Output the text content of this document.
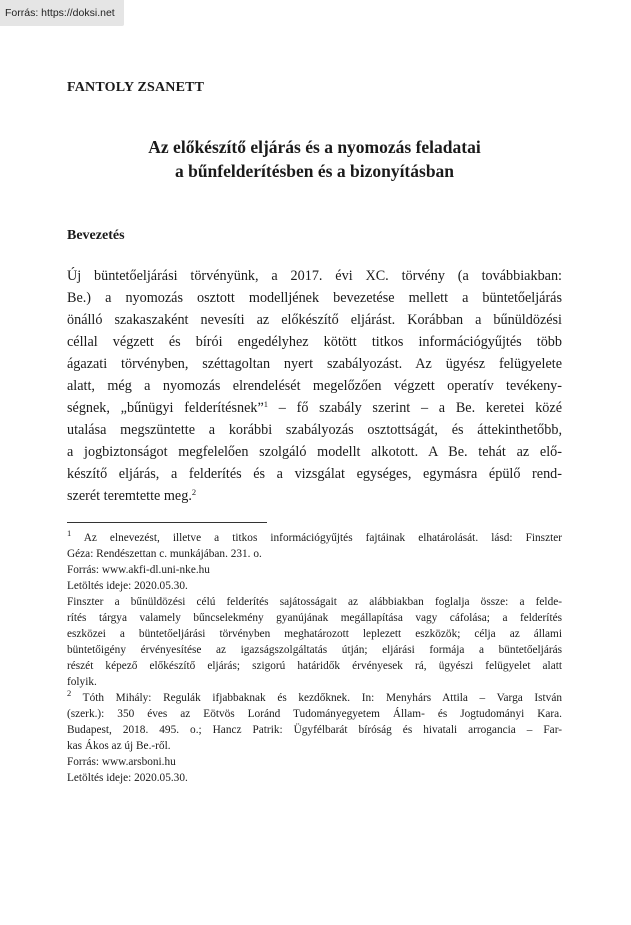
Forrás: https://doksi.net

FANTOLY ZSANETT

Az előkészítő eljárás és a nyomozás feladatai
a bűnfelderítésben és a bizonyításban
Bevezetés
Új büntetőeljárási törvényünk, a 2017. évi XC. törvény (a továbbiakban:
Be.) a nyomozás osztott modelljének bevezetése mellett a büntetőeljárás
önálló szakaszaként nevesíti az előkészítő eljárást. Korábban a bűnüldözési
céllal végzett és bírói engedélyhez kötött titkos információgyűjtés több
ágazati törvényben, széttagoltan nyert szabályozást. Az ügyész felügyelete
alatt, még a nyomozás elrendelését megelőzően végzett operatív tevékeny-
ségnek, „bűnügyi felderítésnek”$^1$ – fő szabály szerint – a Be. keretei közé
utalása megszüntette a korábbi szabályozás osztottságát, és áttekinthetőbb,
a jogbiztonságot megfelelően szolgáló modellt alkotott. A Be. tehát az elő-
készítő eljárás, a felderítés és a vizsgálat egységes, egymásra épülő rend-
szerét teremtette meg.$^2$
$^1$ Az elnevezést, illetve a titkos információgyűjtés fajtáinak elhatárolását. lásd: Finszter
Géza: Rendészettan c. munkájában. 231. o.
Forrás: www.akfi-dl.uni-nke.hu
Letöltés ideje: 2020.05.30.
Finszter a bűnüldözési célú felderítés sajátosságait az alábbiakban foglalja össze: a felde-
rítés tárgya valamely bűncselekmény gyanújának megállapítása vagy cáfolása; a felderítés
eszközei a büntetőeljárási törvényben meghatározott leplezett eszközök; célja az állami
büntetőigény érvényesítése az igazságszolgáltatás útján; eljárási formája a büntetőeljárás
részét képező előkészítő eljárás; szigorú határidők érvényesek rá, ügyészi felügyelet alatt
folyik.
$^2$ Tóth Mihály: Regulák ifjabbaknak és kezdőknek. In: Menyhárs Attila – Varga István
(szerk.): 350 éves az Eötvös Loránd Tudományegyetem Állam- és Jogtudományi Kara.
Budapest, 2018. 495. o.; Hancz Patrik: Ügyfélbarát bíróság és hivatali arrogancia – Far-
kas Ákos az új Be.-ről.
Forrás: www.arsboni.hu
Letöltés ideje: 2020.05.30.
